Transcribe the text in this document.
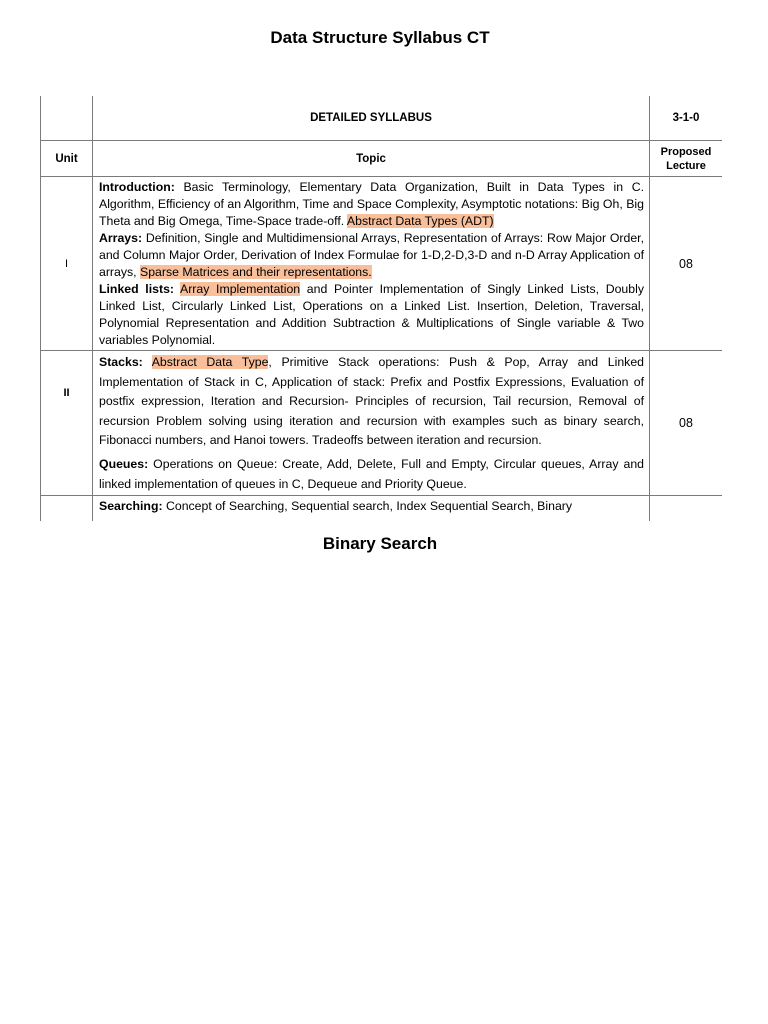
Data Structure Syllabus CT
	DETAILED SYLLABUS	3-1-0
Unit	Topic	Proposed Lecture
I	Introduction: Basic Terminology, Elementary Data Organization, Built in Data Types in C. Algorithm, Efficiency of an Algorithm, Time and Space Complexity, Asymptotic notations: Big Oh, Big Theta and Big Omega, Time-Space trade-off. Abstract Data Types (ADT)

Arrays: Definition, Single and Multidimensional Arrays, Representation of Arrays: Row Major Order, and Column Major Order, Derivation of Index Formulae for 1-D,2-D,3-D and n-D Array Application of arrays, Sparse Matrices and their representations.

Linked lists: Array Implementation and Pointer Implementation of Singly Linked Lists, Doubly Linked List, Circularly Linked List, Operations on a Linked List. Insertion, Deletion, Traversal, Polynomial Representation and Addition Subtraction & Multiplications of Single variable & Two variables Polynomial.	08
II	Stacks: Abstract Data Type, Primitive Stack operations: Push & Pop, Array and Linked Implementation of Stack in C, Application of stack: Prefix and Postfix Expressions, Evaluation of postfix expression, Iteration and Recursion- Principles of recursion, Tail recursion, Removal of recursion Problem solving using iteration and recursion with examples such as binary search, Fibonacci numbers, and Hanoi towers. Tradeoffs between iteration and recursion.

Queues: Operations on Queue: Create, Add, Delete, Full and Empty, Circular queues, Array and linked implementation of queues in C, Dequeue and Priority Queue.	08

	Searching: Concept of Searching, Sequential search, Index Sequential Search, Binary	

Binary Search
